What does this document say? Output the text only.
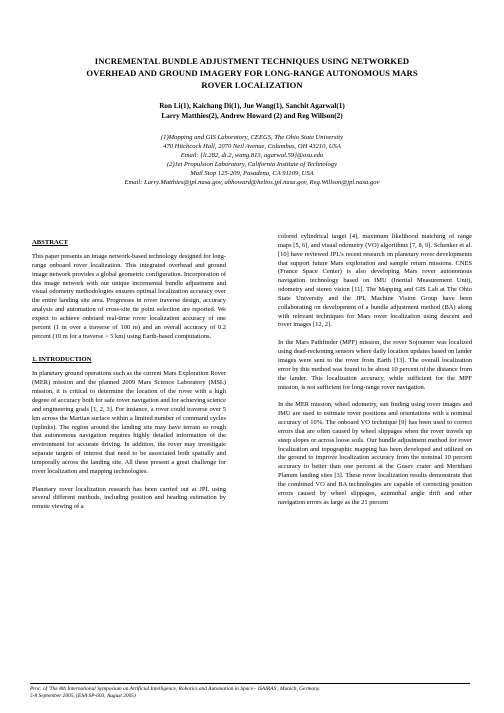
INCREMENTAL BUNDLE ADJUSTMENT TECHNIQUES USING NETWORKED
OVERHEAD AND GROUND IMAGERY FOR LONG-RANGE AUTONOMOUS MARS
ROVER LOCALIZATION
Ron Li(1), Kaichang Di(1), Jue Wang(1), Sanchit Agarwal(1)
Larry Matthies(2), Andrew Howard (2) and Reg Willson(2)
(1)Mapping and GIS Laboratory, CEEGS, The Ohio State University
470 Hitchcock Hall, 2070 Neil Avenue, Columbus, OH 43210, USA
Email: {li.282, di.2, wang.813, agarwal.59}@osu.edu
(2)Jet Propulsion Laboratory, California Institute of Technology
Mail Stop 125-209, Pasadena, CA 91109, USA
Email: Larry.Matthies@jpl.nasa.gov, abhoward@helios.jpl.nasa.gov, Reg.Willson@jpl.nasa.gov
ABSTRACT

This paper presents an image network-based technology designed for long-range onboard rover localization. This integrated overhead and ground image network provides a global geometric configuration. Incorporation of this image network with our unique incremental bundle adjustment and visual odometry methodologies ensures optimal localization accuracy over the entire landing site area. Progresses in rover traverse design, accuracy analysis and automation of cross-site tie point selection are reported. We expect to achieve onboard real-time rover localization accuracy of one percent (1 m over a traverse of 100 m) and an overall accuracy of 0.2 percent (10 m for a traverse > 5 km) using Earth-based computations.

1. INTRODUCTION

In planetary ground operations such as the current Mars Exploration Rover (MER) mission and the planned 2009 Mars Science Laboratory (MSL) mission, it is critical to determine the location of the rover with a high degree of accuracy both for safe rover navigation and for achieving science and engineering goals [1, 2, 3]. For instance, a rover could traverse over 5 km across the Martian surface within a limited number of command cycles (uplinks). The region around the landing site may have terrain so rough that autonomous navigation requires highly detailed information of the environment for accurate driving. In addition, the rover may investigate separate targets of interest that need to be associated both spatially and temporally across the landing site. All these present a great challenge for rover localization and mapping technologies.

Planetary rover localization research has been carried out at JPL using several different methods, including position and heading estimation by remote viewing of a

colored cylindrical target [4], maximum likelihood matching of range maps [5, 6], and visual odometry (VO) algorithms [7, 8, 9]. Schenker et al. [10] have reviewed JPL's recent research on planetary rover developments that support future Mars exploration and sample return missions. CNES (France Space Center) is also developing Mars rover autonomous navigation technology based on IMU (Inertial Measurement Unit), odometry and stereo vision [11]. The Mapping and GIS Lab at The Ohio State University and the JPL Machine Vision Group have been collaborating on development of a bundle adjustment method (BA) along with relevant techniques for Mars rover localization using descent and rover images [12, 2].

In the Mars Pathfinder (MPF) mission, the rover Sojourner was localized using dead-reckoning sensors where daily location updates based on lander images were sent to the rover from Earth [13]. The overall localization error by this method was found to be about 10 percent of the distance from the lander. This localization accuracy, while sufficient for the MPF mission, is not sufficient for long-range rover navigation.

In the MER mission, wheel odometry, sun finding using rover images and IMU are used to estimate rover positions and orientations with a nominal accuracy of 10%. The onboard VO technique [9] has been used to correct errors that are often caused by wheel slippages when the rover travels up steep slopes or across loose soils. Our bundle adjustment method for rover localization and topographic mapping has been developed and utilized on the ground to improve localization accuracy from the nominal 10 percent accuracy to better than one percent at the Gusev crater and Meridiani Planum landing sites [3]. These rover localization results demonstrate that the combined VO and BA technologies are capable of correcting position errors caused by wheel slippages, azimuthal angle drift and other navigation errors as large as the 21 percent

Proc. of 'The 8th International Symposium on Artificial Intelligence, Robotics and Automation in Space - iSAIRAS', Munich, Germany.
5-8 September 2005, (ESA SP-603, August 2005)
